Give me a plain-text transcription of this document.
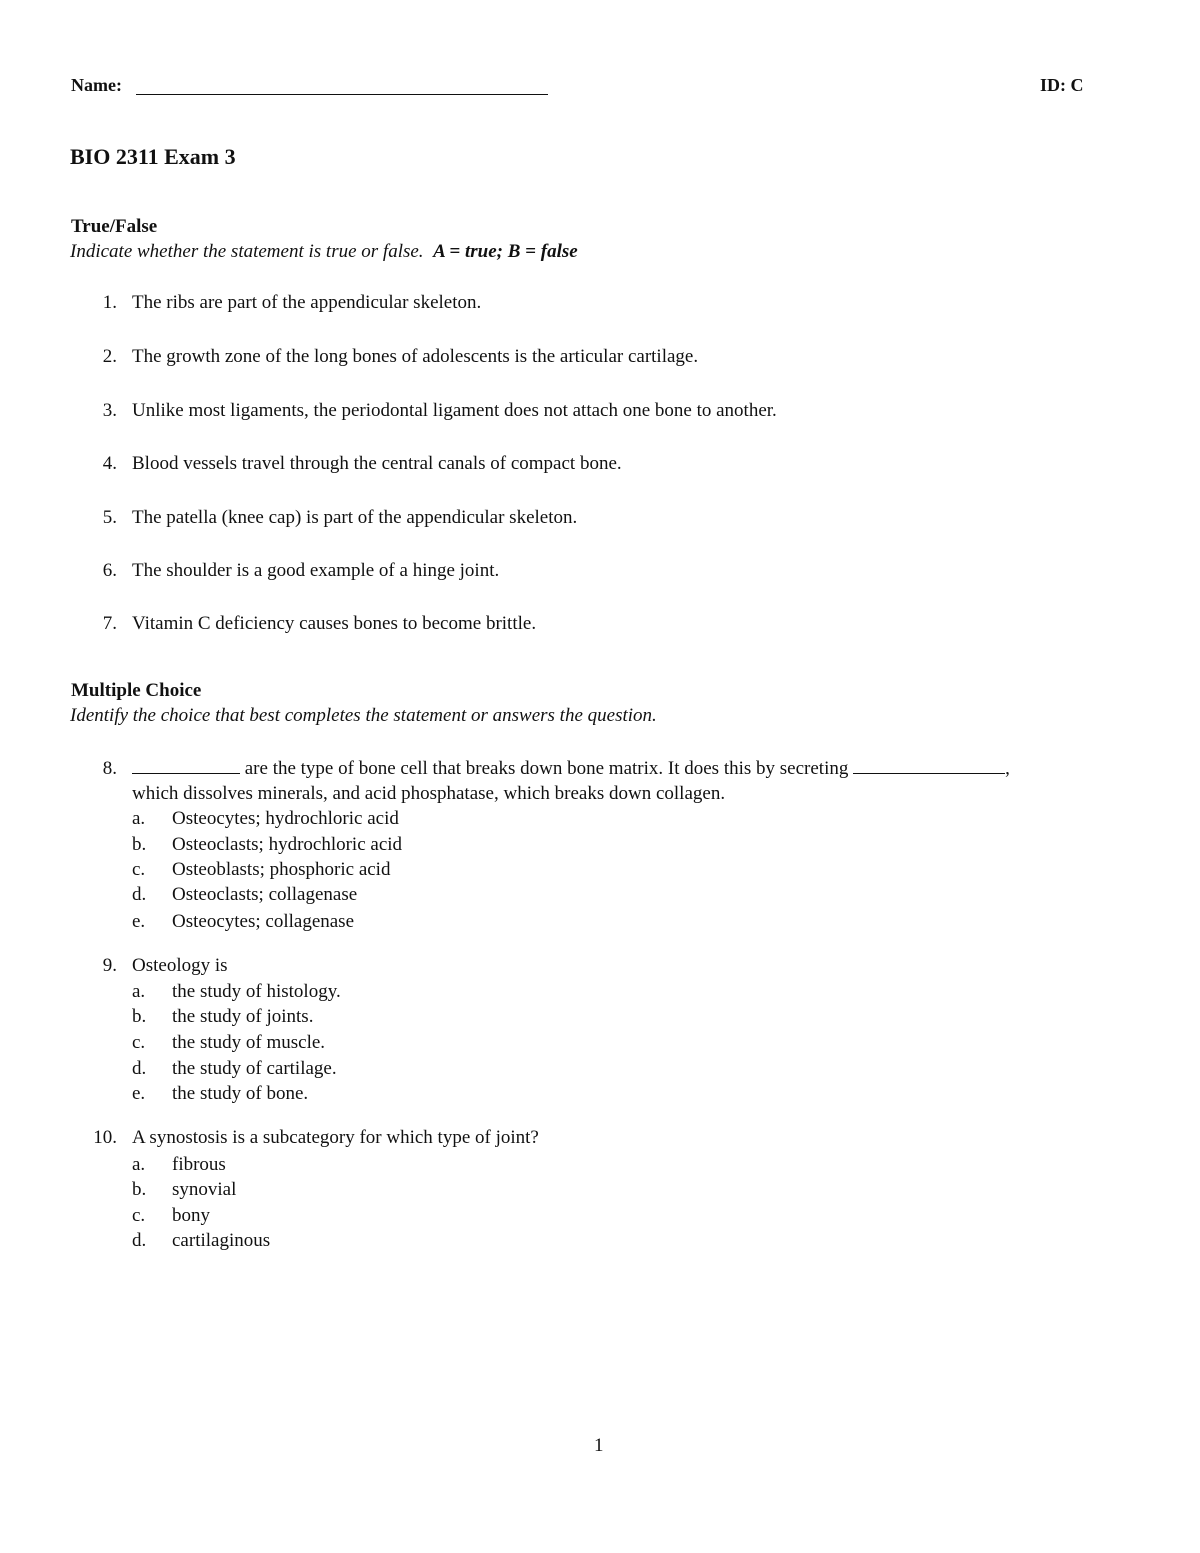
Name:	ID: C
BIO 2311 Exam 3
True/False
Indicate whether the statement is true or false. A = true; B = false
1. The ribs are part of the appendicular skeleton.
2. The growth zone of the long bones of adolescents is the articular cartilage.
3. Unlike most ligaments, the periodontal ligament does not attach one bone to another.
4. Blood vessels travel through the central canals of compact bone.
5. The patella (knee cap) is part of the appendicular skeleton.
6. The shoulder is a good example of a hinge joint.
7. Vitamin C deficiency causes bones to become brittle.
Multiple Choice
Identify the choice that best completes the statement or answers the question.
8.	are the type of bone cell that breaks down bone matrix. It does this by secreting	,
which dissolves minerals, and acid phosphatase, which breaks down collagen.
a. Osteocytes; hydrochloric acid
b. Osteoclasts; hydrochloric acid
c. Osteoblasts; phosphoric acid
d. Osteoclasts; collagenase
e. Osteocytes; collagenase
9. Osteology is
a. the study of histology.
b. the study of joints.
c. the study of muscle.
d. the study of cartilage.
e. the study of bone.
10. A synostosis is a subcategory for which type of joint?
a. fibrous
b. synovial
c. bony
d. cartilaginous
1
